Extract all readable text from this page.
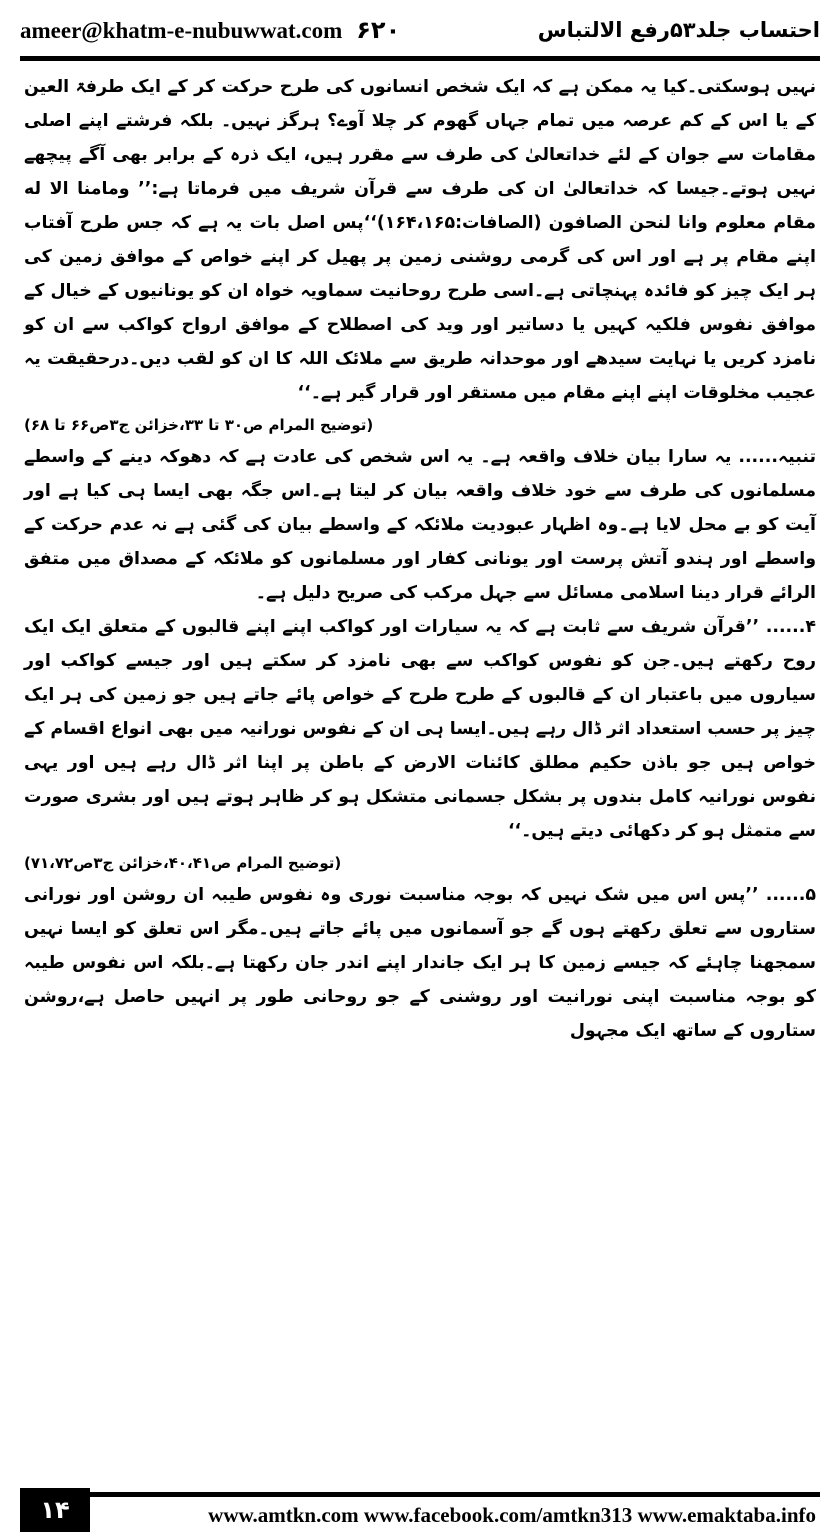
ameer@khatm-e-nubuwwat.com ۶۲۰	احتساب جلد۵۳رفع الالتباس

نہیں ہوسکتی۔کیا یہ ممکن ہے کہ ایک شخص انسانوں کی طرح حرکت کر کے ایک طرفۃ العین کے یا اس کے کم عرصہ میں تمام جہاں گھوم کر چلا آوے؟ ہرگز نہیں۔ بلکہ فرشتے اپنے اصلی مقامات سے جوان کے لئے خداتعالیٰ کی طرف سے مقرر ہیں، ایک ذرہ کے برابر بھی آگے پیچھے نہیں ہوتے۔جیسا کہ خداتعالیٰ ان کی طرف سے قرآن شریف میں فرماتا ہے:’’ ومامنا الا له مقام معلوم وانا لنحن الصافون (الصافات:۱۶۴،۱۶۵)‘‘پس اصل بات یہ ہے کہ جس طرح آفتاب اپنے مقام پر ہے اور اس کی گرمی روشنی زمین پر پھیل کر اپنے خواص کے موافق زمین کی ہر ایک چیز کو فائدہ پہنچاتی ہے۔اسی طرح روحانیت سماویہ خواہ ان کو یونانیوں کے خیال کے موافق نفوس فلکیہ کہیں یا دساتیر اور وید کی اصطلاح کے موافق ارواح کواکب سے ان کو نامزد کریں یا نہایت سیدھے اور موحدانہ طریق سے ملائک اللہ کا ان کو لقب دیں۔درحقیقت یہ عجیب مخلوقات اپنے اپنے مقام میں مستقر اور قرار گیر ہے۔‘‘

(توضیح المرام ص۳۰ تا ۳۳،خزائن ج۳ص۶۶ تا ۶۸)

تنبیہ...... یہ سارا بیان خلاف واقعہ ہے۔ یہ اس شخص کی عادت ہے کہ دھوکہ دینے کے واسطے مسلمانوں کی طرف سے خود خلاف واقعہ بیان کر لیتا ہے۔اس جگہ بھی ایسا ہی کیا ہے اور آیت کو بے محل لایا ہے۔وہ اظہار عبودیت ملائکہ کے واسطے بیان کی گئی ہے نہ عدم حرکت کے واسطے اور ہندو آتش پرست اور یونانی کفار اور مسلمانوں کو ملائکہ کے مصداق میں متفق الرائے قرار دینا اسلامی مسائل سے جہل مرکب کی صریح دلیل ہے۔

۴...... ’’قرآن شریف سے ثابت ہے کہ یہ سیارات اور کواکب اپنے اپنے قالبوں کے متعلق ایک ایک روح رکھتے ہیں۔جن کو نفوس کواکب سے بھی نامزد کر سکتے ہیں اور جیسے کواکب اور سیاروں میں باعتبار ان کے قالبوں کے طرح طرح کے خواص پائے جاتے ہیں جو زمین کی ہر ایک چیز پر حسب استعداد اثر ڈال رہے ہیں۔ایسا ہی ان کے نفوس نورانیہ میں بھی انواع اقسام کے خواص ہیں جو باذن حکیم مطلق کائنات الارض کے باطن پر اپنا اثر ڈال رہے ہیں اور یہی نفوس نورانیہ کامل بندوں پر بشکل جسمانی متشکل ہو کر ظاہر ہوتے ہیں اور بشری صورت سے متمثل ہو کر دکھائی دیتے ہیں۔‘‘

(توضیح المرام ص۴۰،۴۱،خزائن ج۳ص۷۱،۷۲)

۵...... ’’پس اس میں شک نہیں کہ بوجہ مناسبت نوری وہ نفوس طیبہ ان روشن اور نورانی ستاروں سے تعلق رکھتے ہوں گے جو آسمانوں میں پائے جاتے ہیں۔مگر اس تعلق کو ایسا نہیں سمجھنا چاہئے کہ جیسے زمین کا ہر ایک جاندار اپنے اندر جان رکھتا ہے۔بلکہ اس نفوس طیبہ کو بوجہ مناسبت اپنی نورانیت اور روشنی کے جو روحانی طور پر انہیں حاصل ہے،روشن ستاروں کے ساتھ ایک مجہول

۱۴	www.amtkn.com www.facebook.com/amtkn313 www.emaktaba.info
